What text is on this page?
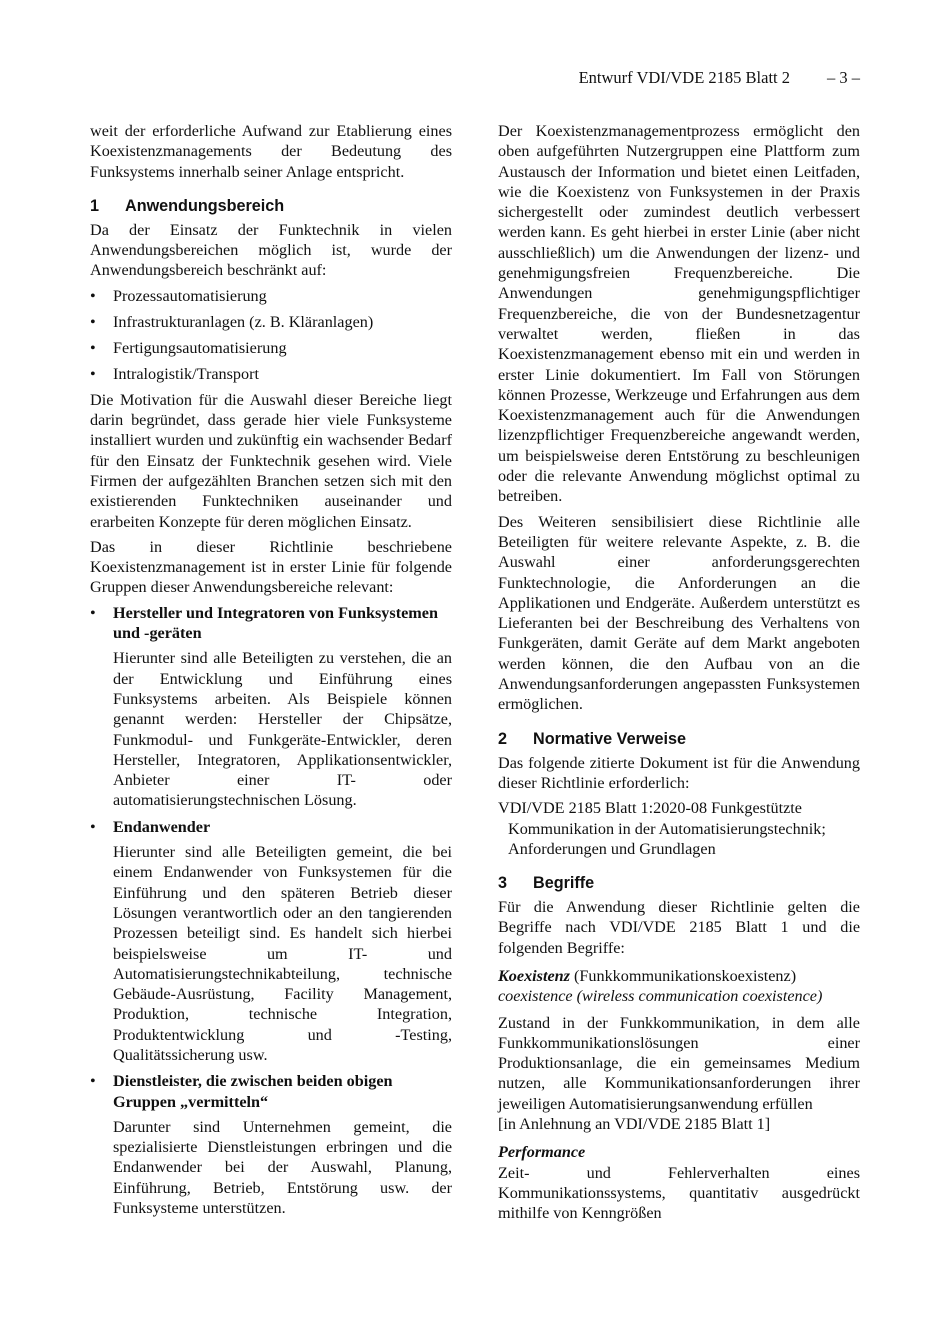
Entwurf VDI/VDE 2185 Blatt 2 – 3 –

weit der erforderliche Aufwand zur Etablierung eines Koexistenzmanagements der Bedeutung des Funksystems innerhalb seiner Anlage entspricht.

1 Anwendungsbereich

Da der Einsatz der Funktechnik in vielen Anwendungsbereichen möglich ist, wurde der Anwendungsbereich beschränkt auf:

• Prozessautomatisierung
• Infrastrukturanlagen (z. B. Kläranlagen)
• Fertigungsautomatisierung
• Intralogistik/Transport

Die Motivation für die Auswahl dieser Bereiche liegt darin begründet, dass gerade hier viele Funksysteme installiert wurden und zukünftig ein wachsender Bedarf für den Einsatz der Funktechnik gesehen wird. Viele Firmen der aufgezählten Branchen setzen sich mit den existierenden Funktechniken auseinander und erarbeiten Konzepte für deren möglichen Einsatz.

Das in dieser Richtlinie beschriebene Koexistenzmanagement ist in erster Linie für folgende Gruppen dieser Anwendungsbereiche relevant:

• Hersteller und Integratoren von Funksystemen und -geräten

Hierunter sind alle Beteiligten zu verstehen, die an der Entwicklung und Einführung eines Funksystems arbeiten. Als Beispiele können genannt werden: Hersteller der Chipsätze, Funkmodul- und Funkgeräte-Entwickler, deren Hersteller, Integratoren, Applikationsentwickler, Anbieter einer IT- oder automatisierungstechnischen Lösung.

• Endanwender

Hierunter sind alle Beteiligten gemeint, die bei einem Endanwender von Funksystemen für die Einführung und den späteren Betrieb dieser Lösungen verantwortlich oder an den tangierenden Prozessen beteiligt sind. Es handelt sich hierbei beispielsweise um IT- und Automatisierungstechnikabteilung, technische Gebäude-Ausrüstung, Facility Management, Produktion, technische Integration, Produktentwicklung und -Testing, Qualitätssicherung usw.

• Dienstleister, die zwischen beiden obigen Gruppen „vermitteln“

Darunter sind Unternehmen gemeint, die spezialisierte Dienstleistungen erbringen und die Endanwender bei der Auswahl, Planung, Einführung, Betrieb, Entstörung usw. der Funksysteme unterstützen.

Der Koexistenzmanagementprozess ermöglicht den oben aufgeführten Nutzergruppen eine Plattform zum Austausch der Information und bietet einen Leitfaden, wie die Koexistenz von Funksystemen in der Praxis sichergestellt oder zumindest deutlich verbessert werden kann. Es geht hierbei in erster Linie (aber nicht ausschließlich) um die Anwendungen der lizenz- und genehmigungsfreien Frequenzbereiche. Die Anwendungen genehmigungspflichtiger Frequenzbereiche, die von der Bundesnetzagentur verwaltet werden, fließen in das Koexistenzmanagement ebenso mit ein und werden in erster Linie dokumentiert. Im Fall von Störungen können Prozesse, Werkzeuge und Erfahrungen aus dem Koexistenzmanagement auch für die Anwendungen lizenzpflichtiger Frequenzbereiche angewandt werden, um beispielsweise deren Entstörung zu beschleunigen oder die relevante Anwendung möglichst optimal zu betreiben.

Des Weiteren sensibilisiert diese Richtlinie alle Beteiligten für weitere relevante Aspekte, z. B. die Auswahl einer anforderungsgerechten Funktechnologie, die Anforderungen an die Applikationen und Endgeräte. Außerdem unterstützt es Lieferanten bei der Beschreibung des Verhaltens von Funkgeräten, damit Geräte auf dem Markt angeboten werden können, die den Aufbau von an die Anwendungsanforderungen angepassten Funksystemen ermöglichen.

2 Normative Verweise

Das folgende zitierte Dokument ist für die Anwendung dieser Richtlinie erforderlich:

VDI/VDE 2185 Blatt 1:2020-08 Funkgestützte Kommunikation in der Automatisierungstechnik; Anforderungen und Grundlagen

3 Begriffe

Für die Anwendung dieser Richtlinie gelten die Begriffe nach VDI/VDE 2185 Blatt 1 und die folgenden Begriffe:

Koexistenz (Funkkommunikationskoexistenz)

coexistence (wireless communication coexistence)

Zustand in der Funkkommunikation, in dem alle Funkkommunikationslösungen einer Produktionsanlage, die ein gemeinsames Medium nutzen, alle Kommunikationsanforderungen ihrer jeweiligen Automatisierungsanwendung erfüllen

[in Anlehnung an VDI/VDE 2185 Blatt 1]

Performance

Zeit- und Fehlerverhalten eines Kommunikationssystems, quantitativ ausgedrückt mithilfe von Kenngrößen
